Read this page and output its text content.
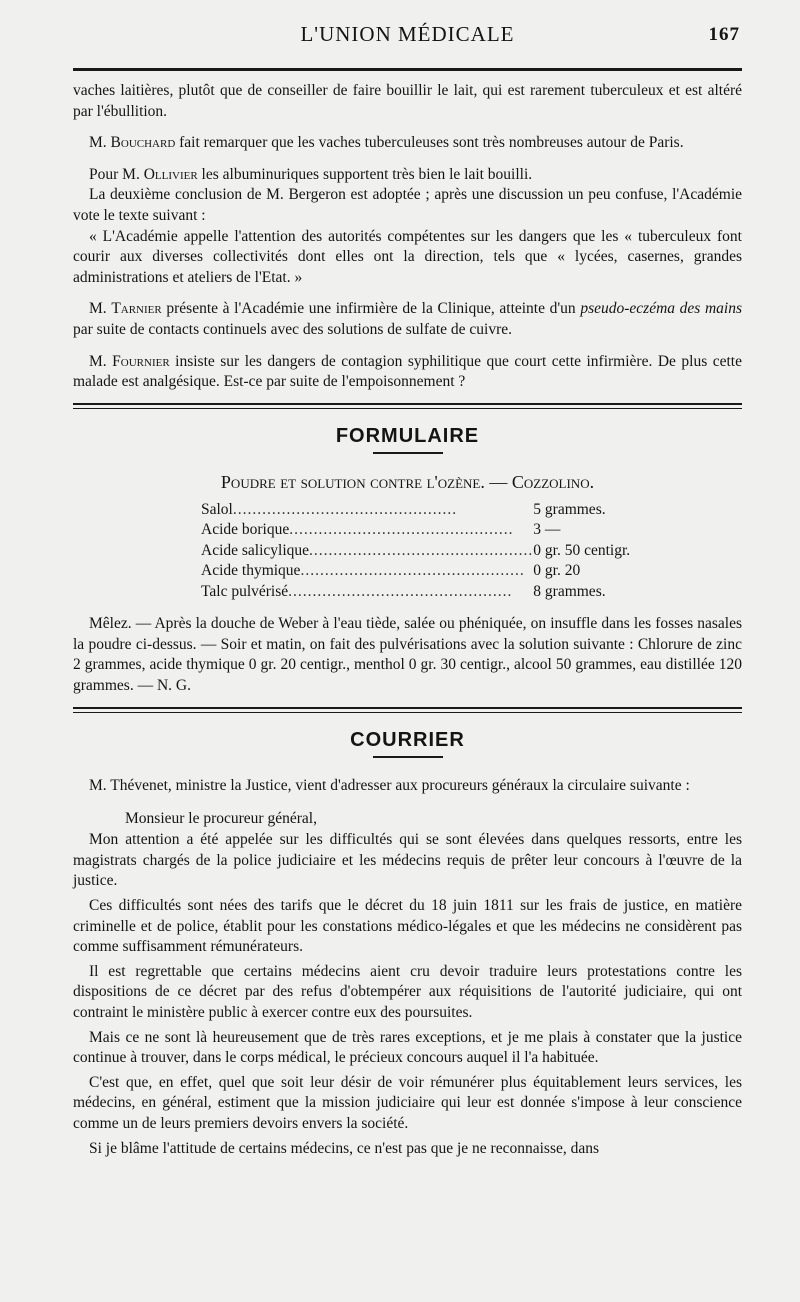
L'UNION MÉDICALE	167

vaches laitières, plutôt que de conseiller de faire bouillir le lait, qui est rarement tuberculeux et est altéré par l'ébullition.

M. Bouchard fait remarquer que les vaches tuberculeuses sont très nombreuses autour de Paris.

Pour M. Ollivier les albuminuriques supportent très bien le lait bouilli.

La deuxième conclusion de M. Bergeron est adoptée ; après une discussion un peu confuse, l'Académie vote le texte suivant :

« L'Académie appelle l'attention des autorités compétentes sur les dangers que les « tuberculeux font courir aux diverses collectivités dont elles ont la direction, tels que « lycées, casernes, grandes administrations et ateliers de l'Etat. »

M. Tarnier présente à l'Académie une infirmière de la Clinique, atteinte d'un pseudo-eczéma des mains par suite de contacts continuels avec des solutions de sulfate de cuivre.

M. Fournier insiste sur les dangers de contagion syphilitique que court cette infirmière. De plus cette malade est analgésique. Est-ce par suite de l'empoisonnement ?

FORMULAIRE
Poudre et solution contre l'ozène. — Cozzolino.
Salol..............................................	5 grammes.
Acide borique..............................................	3 —
Acide salicylique..............................................	0 gr. 50 centigr.
Acide thymique..............................................	0 gr. 20
Talc pulvérisé..............................................	8 grammes.

Mêlez. — Après la douche de Weber à l'eau tiède, salée ou phéniquée, on insuffle dans les fosses nasales la poudre ci-dessus. — Soir et matin, on fait des pulvérisations avec la solution suivante : Chlorure de zinc 2 grammes, acide thymique 0 gr. 20 centigr., menthol 0 gr. 30 centigr., alcool 50 grammes, eau distillée 120 grammes. — N. G.

COURRIER

M. Thévenet, ministre la Justice, vient d'adresser aux procureurs généraux la circulaire suivante :

Monsieur le procureur général,

Mon attention a été appelée sur les difficultés qui se sont élevées dans quelques ressorts, entre les magistrats chargés de la police judiciaire et les médecins requis de prêter leur concours à l'œuvre de la justice.

Ces difficultés sont nées des tarifs que le décret du 18 juin 1811 sur les frais de justice, en matière criminelle et de police, établit pour les constations médico-légales et que les médecins ne considèrent pas comme suffisamment rémunérateurs.

Il est regrettable que certains médecins aient cru devoir traduire leurs protestations contre les dispositions de ce décret par des refus d'obtempérer aux réquisitions de l'autorité judiciaire, qui ont contraint le ministère public à exercer contre eux des poursuites.

Mais ce ne sont là heureusement que de très rares exceptions, et je me plais à constater que la justice continue à trouver, dans le corps médical, le précieux concours auquel il l'a habituée.

C'est que, en effet, quel que soit leur désir de voir rémunérer plus équitablement leurs services, les médecins, en général, estiment que la mission judiciaire qui leur est donnée s'impose à leur conscience comme un de leurs premiers devoirs envers la société.

Si je blâme l'attitude de certains médecins, ce n'est pas que je ne reconnaisse, dans
